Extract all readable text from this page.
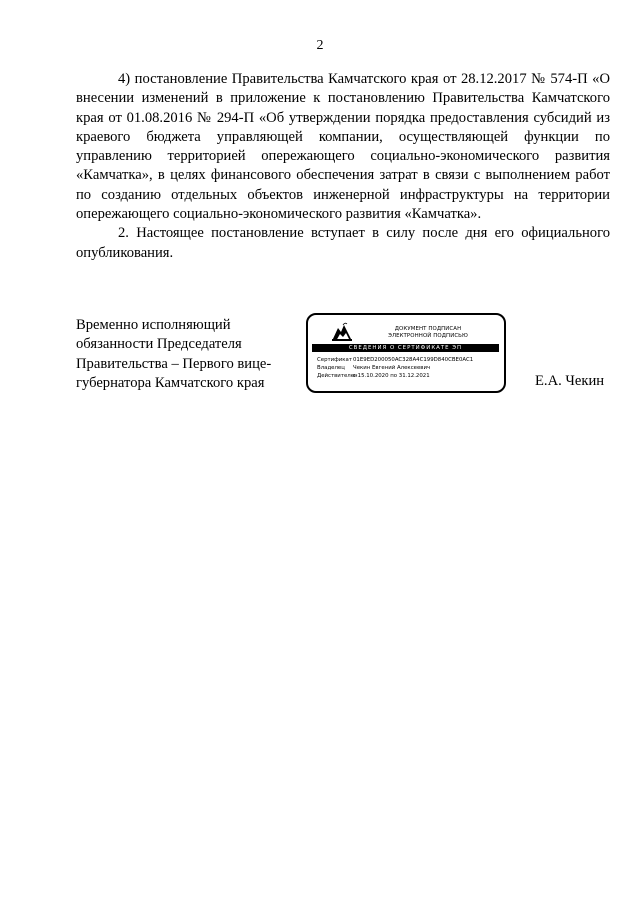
2

4) постановление Правительства Камчатского края от 28.12.2017 № 574-П «О внесении изменений в приложение к постановлению Правительства Камчатского края от 01.08.2016 № 294-П «Об утверждении порядка предоставления субсидий из краевого бюджета управляющей компании, осуществляющей функции по управлению территорией опережающего социально-экономического развития «Камчатка», в целях финансового обеспечения затрат в связи с выполнением работ по созданию отдельных объектов инженерной инфраструктуры на территории опережающего социально-экономического развития «Камчатка».

2. Настоящее постановление вступает в силу после дня его официального опубликования.

Временно исполняющий
обязанности Председателя
Правительства – Первого вице-
губернатора Камчатского края
ДОКУМЕНТ ПОДПИСАН
ЭЛЕКТРОННОЙ ПОДПИСЬЮ
СВЕДЕНИЯ О СЕРТИФИКАТЕ ЭП
Сертификат 01E9ED200050AC328A4C199D840CBE0AC1
Владелец	Чекин Евгений Алексеевич
Действителен
с 15.10.2020 по 31.12.2021	Е.А. Чекин
